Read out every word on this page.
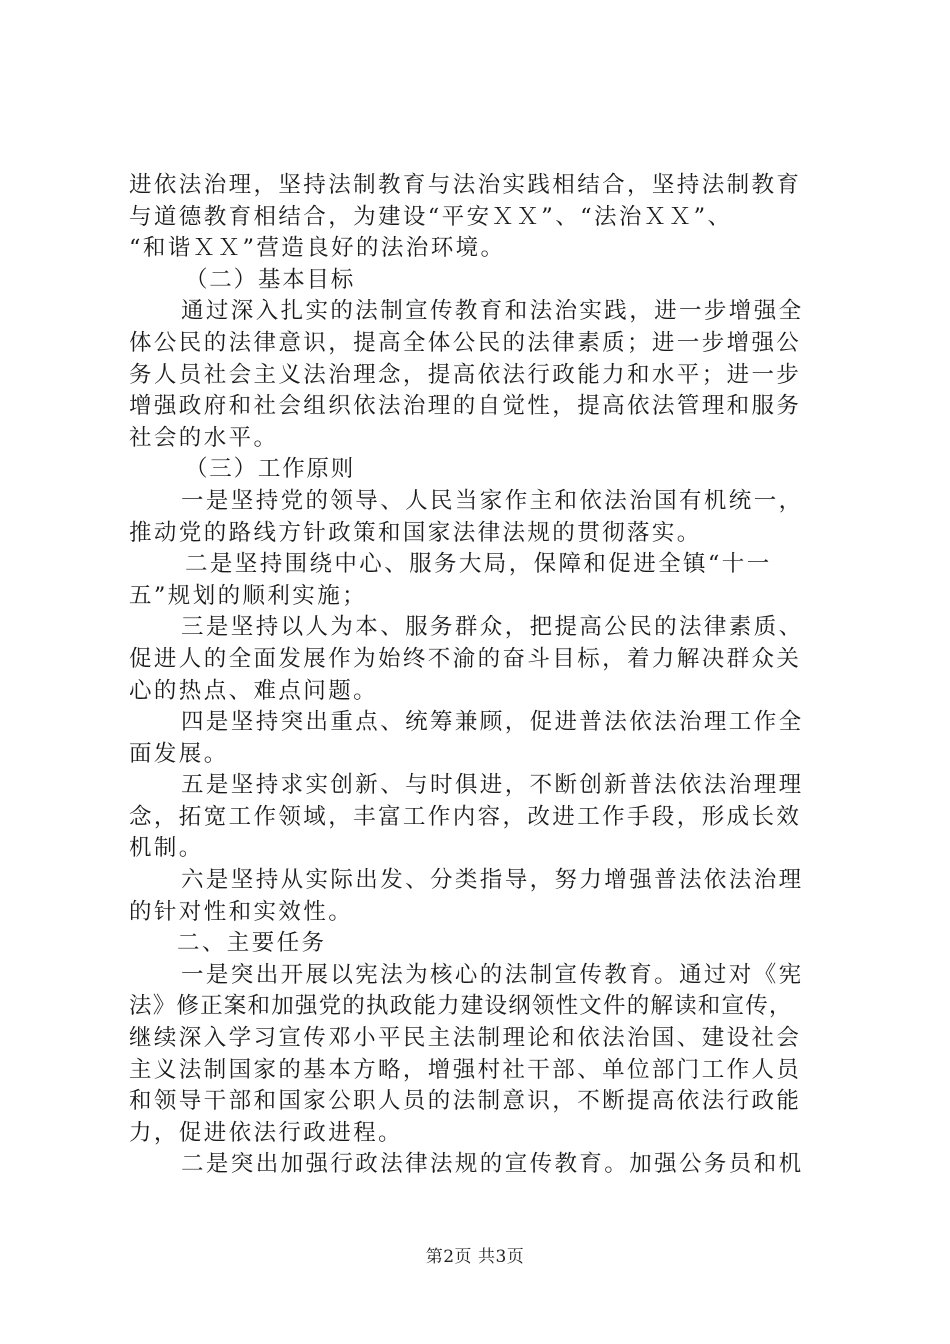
进依法治理，坚持法制教育与法治实践相结合，坚持法制教育
与道德教育相结合，为建设“平安ＸＸ”、“法治ＸＸ”、
“和谐ＸＸ”营造良好的法治环境。
（二）基本目标
通过深入扎实的法制宣传教育和法治实践，进一步增强全
体公民的法律意识，提高全体公民的法律素质；进一步增强公
务人员社会主义法治理念，提高依法行政能力和水平；进一步
增强政府和社会组织依法治理的自觉性，提高依法管理和服务
社会的水平。
（三）工作原则
一是坚持党的领导、人民当家作主和依法治国有机统一，
推动党的路线方针政策和国家法律法规的贯彻落实。
二是坚持围绕中心、服务大局，保障和促进全镇“十一
五”规划的顺利实施；
三是坚持以人为本、服务群众，把提高公民的法律素质、
促进人的全面发展作为始终不渝的奋斗目标，着力解决群众关
心的热点、难点问题。
四是坚持突出重点、统筹兼顾，促进普法依法治理工作全
面发展。
五是坚持求实创新、与时俱进，不断创新普法依法治理理
念，拓宽工作领域，丰富工作内容，改进工作手段，形成长效
机制。
六是坚持从实际出发、分类指导，努力增强普法依法治理
的针对性和实效性。
二、主要任务
一是突出开展以宪法为核心的法制宣传教育。通过对《宪
法》修正案和加强党的执政能力建设纲领性文件的解读和宣传，
继续深入学习宣传邓小平民主法制理论和依法治国、建设社会
主义法制国家的基本方略，增强村社干部、单位部门工作人员
和领导干部和国家公职人员的法制意识，不断提高依法行政能
力，促进依法行政进程。
二是突出加强行政法律法规的宣传教育。加强公务员和机
第2页 共3页
